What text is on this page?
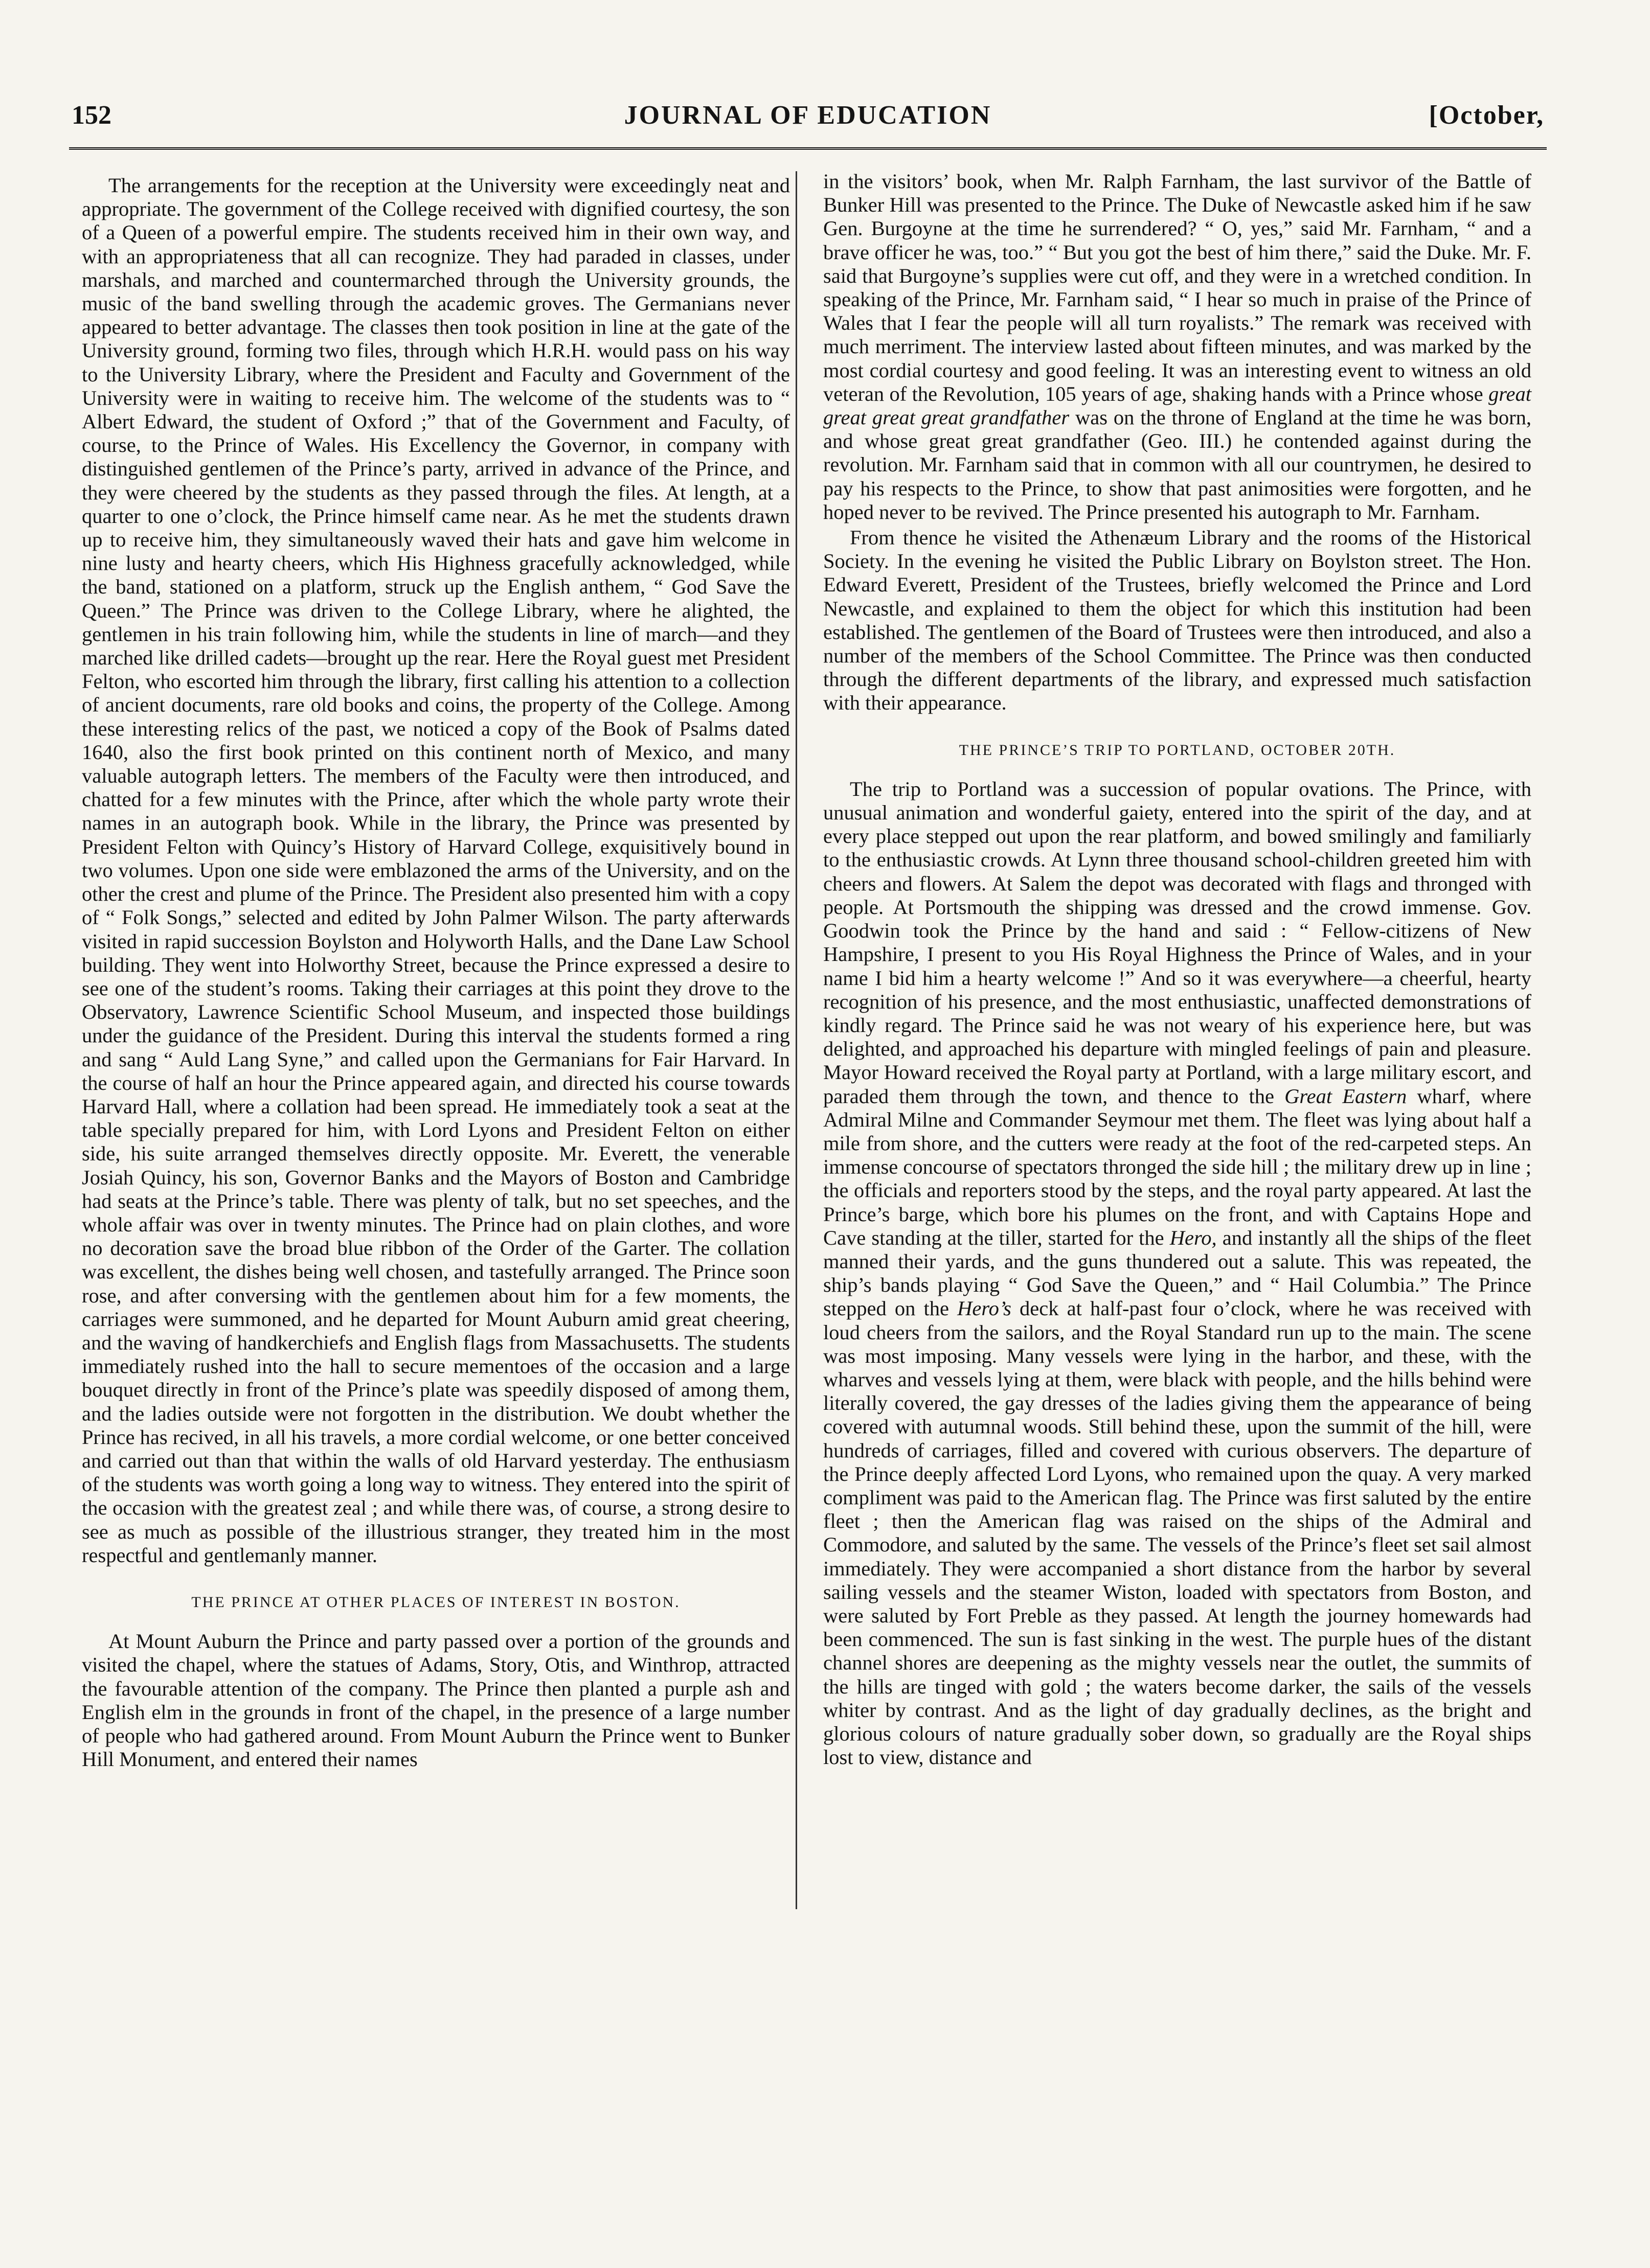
JOURNAL OF EDUCATION
152	[October,

The arrangements for the reception at the University were exceedingly neat and appropriate. The government of the College received with dignified courtesy, the son of a Queen of a powerful empire. The students received him in their own way, and with an appropriateness that all can recognize. They had paraded in classes, under marshals, and marched and countermarched through the University grounds, the music of the band swelling through the academic groves. The Germanians never appeared to better advantage. The classes then took position in line at the gate of the University ground, forming two files, through which H.R.H. would pass on his way to the University Library, where the President and Faculty and Government of the University were in waiting to receive him. The welcome of the students was to “ Albert Edward, the student of Oxford ;” that of the Government and Faculty, of course, to the Prince of Wales. His Excellency the Governor, in company with distinguished gentlemen of the Prince’s party, arrived in advance of the Prince, and they were cheered by the students as they passed through the files. At length, at a quarter to one o’clock, the Prince himself came near. As he met the students drawn up to receive him, they simultaneously waved their hats and gave him welcome in nine lusty and hearty cheers, which His Highness gracefully acknowledged, while the band, stationed on a platform, struck up the English anthem, “ God Save the Queen.” The Prince was driven to the College Library, where he alighted, the gentlemen in his train following him, while the students in line of march—and they marched like drilled cadets—brought up the rear. Here the Royal guest met President Felton, who escorted him through the library, first calling his attention to a collection of ancient documents, rare old books and coins, the property of the College. Among these interesting relics of the past, we noticed a copy of the Book of Psalms dated 1640, also the first book printed on this continent north of Mexico, and many valuable autograph letters. The members of the Faculty were then introduced, and chatted for a few minutes with the Prince, after which the whole party wrote their names in an autograph book. While in the library, the Prince was presented by President Felton with Quincy’s History of Harvard College, exquisitively bound in two volumes. Upon one side were emblazoned the arms of the University, and on the other the crest and plume of the Prince. The President also presented him with a copy of “ Folk Songs,” selected and edited by John Palmer Wilson. The party afterwards visited in rapid succession Boylston and Holyworth Halls, and the Dane Law School building. They went into Holworthy Street, because the Prince expressed a desire to see one of the student’s rooms. Taking their carriages at this point they drove to the Observatory, Lawrence Scientific School Museum, and inspected those buildings under the guidance of the President. During this interval the students formed a ring and sang “ Auld Lang Syne,” and called upon the Germanians for Fair Harvard. In the course of half an hour the Prince appeared again, and directed his course towards Harvard Hall, where a collation had been spread. He immediately took a seat at the table specially prepared for him, with Lord Lyons and President Felton on either side, his suite arranged themselves directly opposite. Mr. Everett, the venerable Josiah Quincy, his son, Governor Banks and the Mayors of Boston and Cambridge had seats at the Prince’s table. There was plenty of talk, but no set speeches, and the whole affair was over in twenty minutes. The Prince had on plain clothes, and wore no decoration save the broad blue ribbon of the Order of the Garter. The collation was excellent, the dishes being well chosen, and tastefully arranged. The Prince soon rose, and after conversing with the gentlemen about him for a few moments, the carriages were summoned, and he departed for Mount Auburn amid great cheering, and the waving of handkerchiefs and English flags from Massachusetts. The students immediately rushed into the hall to secure mementoes of the occasion and a large bouquet directly in front of the Prince’s plate was speedily disposed of among them, and the ladies outside were not forgotten in the distribution. We doubt whether the Prince has recived, in all his travels, a more cordial welcome, or one better conceived and carried out than that within the walls of old Harvard yesterday. The enthusiasm of the students was worth going a long way to witness. They entered into the spirit of the occasion with the greatest zeal ; and while there was, of course, a strong desire to see as much as possible of the illustrious stranger, they treated him in the most respectful and gentlemanly manner.

THE PRINCE AT OTHER PLACES OF INTEREST IN BOSTON.

At Mount Auburn the Prince and party passed over a portion of the grounds and visited the chapel, where the statues of Adams, Story, Otis, and Winthrop, attracted the favourable attention of the company. The Prince then planted a purple ash and English elm in the grounds in front of the chapel, in the presence of a large number of people who had gathered around. From Mount Auburn the Prince went to Bunker Hill Monument, and entered their names

in the visitors’ book, when Mr. Ralph Farnham, the last survivor of the Battle of Bunker Hill was presented to the Prince. The Duke of Newcastle asked him if he saw Gen. Burgoyne at the time he surrendered? “ O, yes,” said Mr. Farnham, “ and a brave officer he was, too.” “ But you got the best of him there,” said the Duke. Mr. F. said that Burgoyne’s supplies were cut off, and they were in a wretched condition. In speaking of the Prince, Mr. Farnham said, “ I hear so much in praise of the Prince of Wales that I fear the people will all turn royalists.” The remark was received with much merriment. The interview lasted about fifteen minutes, and was marked by the most cordial courtesy and good feeling. It was an interesting event to witness an old veteran of the Revolution, 105 years of age, shaking hands with a Prince whose great great great great grandfather was on the throne of England at the time he was born, and whose great great grandfather (Geo. III.) he contended against during the revolution. Mr. Farnham said that in common with all our countrymen, he desired to pay his respects to the Prince, to show that past animosities were forgotten, and he hoped never to be revived. The Prince presented his autograph to Mr. Farnham.

From thence he visited the Athenæum Library and the rooms of the Historical Society. In the evening he visited the Public Library on Boylston street. The Hon. Edward Everett, President of the Trustees, briefly welcomed the Prince and Lord Newcastle, and explained to them the object for which this institution had been established. The gentlemen of the Board of Trustees were then introduced, and also a number of the members of the School Committee. The Prince was then conducted through the different departments of the library, and expressed much satisfaction with their appearance.

THE PRINCE’S TRIP TO PORTLAND, OCTOBER 20TH.

The trip to Portland was a succession of popular ovations. The Prince, with unusual animation and wonderful gaiety, entered into the spirit of the day, and at every place stepped out upon the rear platform, and bowed smilingly and familiarly to the enthusiastic crowds. At Lynn three thousand school-children greeted him with cheers and flowers. At Salem the depot was decorated with flags and thronged with people. At Portsmouth the shipping was dressed and the crowd immense. Gov. Goodwin took the Prince by the hand and said : “ Fellow-citizens of New Hampshire, I present to you His Royal Highness the Prince of Wales, and in your name I bid him a hearty welcome !” And so it was everywhere—a cheerful, hearty recognition of his presence, and the most enthusiastic, unaffected demonstrations of kindly regard. The Prince said he was not weary of his experience here, but was delighted, and approached his departure with mingled feelings of pain and pleasure. Mayor Howard received the Royal party at Portland, with a large military escort, and paraded them through the town, and thence to the Great Eastern wharf, where Admiral Milne and Commander Seymour met them. The fleet was lying about half a mile from shore, and the cutters were ready at the foot of the red-carpeted steps. An immense concourse of spectators thronged the side hill ; the military drew up in line ; the officials and reporters stood by the steps, and the royal party appeared. At last the Prince’s barge, which bore his plumes on the front, and with Captains Hope and Cave standing at the tiller, started for the Hero, and instantly all the ships of the fleet manned their yards, and the guns thundered out a salute. This was repeated, the ship’s bands playing “ God Save the Queen,” and “ Hail Columbia.” The Prince stepped on the Hero’s deck at half-past four o’clock, where he was received with loud cheers from the sailors, and the Royal Standard run up to the main. The scene was most imposing. Many vessels were lying in the harbor, and these, with the wharves and vessels lying at them, were black with people, and the hills behind were literally covered, the gay dresses of the ladies giving them the appearance of being covered with autumnal woods. Still behind these, upon the summit of the hill, were hundreds of carriages, filled and covered with curious observers. The departure of the Prince deeply affected Lord Lyons, who remained upon the quay. A very marked compliment was paid to the American flag. The Prince was first saluted by the entire fleet ; then the American flag was raised on the ships of the Admiral and Commodore, and saluted by the same. The vessels of the Prince’s fleet set sail almost immediately. They were accompanied a short distance from the harbor by several sailing vessels and the steamer Wiston, loaded with spectators from Boston, and were saluted by Fort Preble as they passed. At length the journey homewards had been commenced. The sun is fast sinking in the west. The purple hues of the distant channel shores are deepening as the mighty vessels near the outlet, the summits of the hills are tinged with gold ; the waters become darker, the sails of the vessels whiter by contrast. And as the light of day gradually declines, as the bright and glorious colours of nature gradually sober down, so gradually are the Royal ships lost to view, distance and
